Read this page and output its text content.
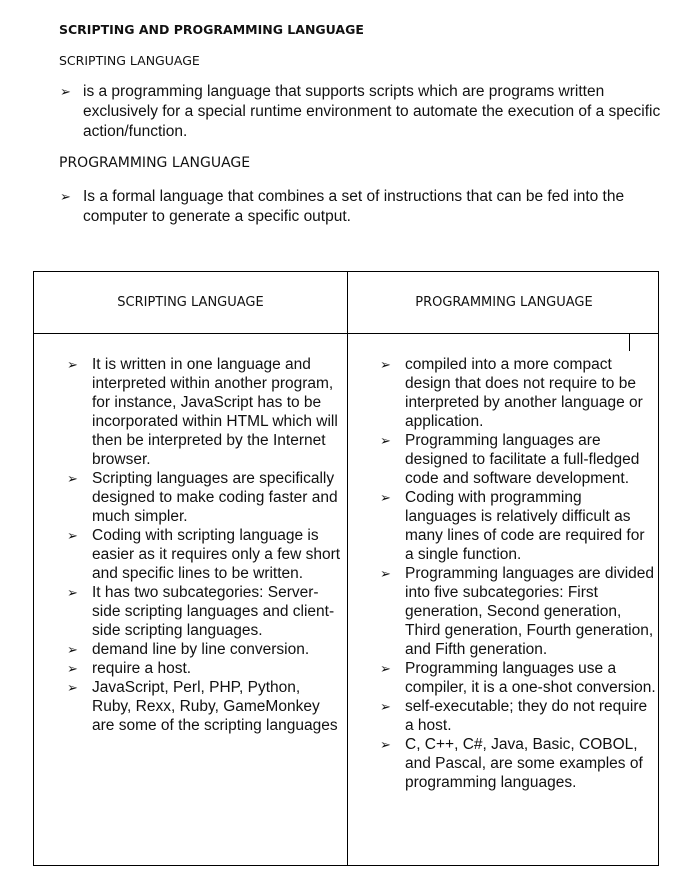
SCRIPTING AND PROGRAMMING LANGUAGE
SCRIPTING LANGUAGE
➢ is a programming language that supports scripts which are programs written exclusively for a special runtime environment to automate the execution of a specific action/function.
PROGRAMMING LANGUAGE
➢ Is a formal language that combines a set of instructions that can be fed into the computer to generate a specific output.
SCRIPTING LANGUAGE	PROGRAMMING LANGUAGE
➢ It is written in one language and interpreted within another program, for instance, JavaScript has to be incorporated within HTML which will then be interpreted by the Internet browser.
➢ Scripting languages are specifically designed to make coding faster and much simpler.
➢ Coding with scripting language is easier as it requires only a few short and specific lines to be written.
➢ It has two subcategories: Server-side scripting languages and client-side scripting languages.
➢ demand line by line conversion.
➢ require a host.
➢ JavaScript, Perl, PHP, Python, Ruby, Rexx, Ruby, GameMonkey are some of the scripting languages
➢ compiled into a more compact design that does not require to be interpreted by another language or application.
➢ Programming languages are designed to facilitate a full-fledged code and software development.
➢ Coding with programming languages is relatively difficult as many lines of code are required for a single function.
➢ Programming languages are divided into five subcategories: First generation, Second generation, Third generation, Fourth generation, and Fifth generation.
➢ Programming languages use a compiler, it is a one-shot conversion.
➢ self-executable; they do not require a host.
➢ C, C++, C#, Java, Basic, COBOL, and Pascal, are some examples of programming languages.
